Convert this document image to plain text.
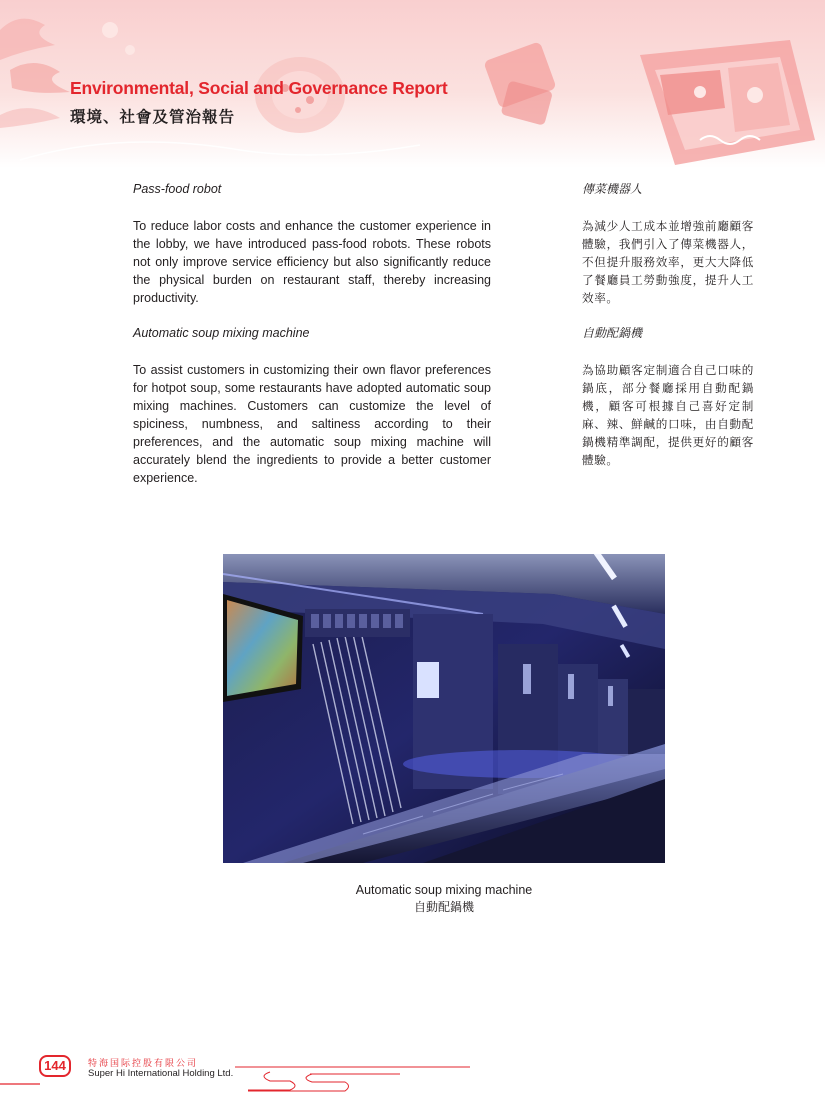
Environmental, Social and Governance Report
環境、社會及管治報告

Pass-food robot

To reduce labor costs and enhance the customer experience in the lobby, we have introduced pass-food robots. These robots not only improve service efficiency but also significantly reduce the physical burden on restaurant staff, thereby increasing productivity.

傳菜機器人

為減少人工成本並增強前廳顧客體驗，我們引入了傳菜機器人，不但提升服務效率，更大大降低了餐廳員工勞動強度，提升人工效率。

Automatic soup mixing machine

To assist customers in customizing their own flavor preferences for hotpot soup, some restaurants have adopted automatic soup mixing machines. Customers can customize the level of spiciness, numbness, and saltiness according to their preferences, and the automatic soup mixing machine will accurately blend the ingredients to provide a better customer experience.

自動配鍋機

為協助顧客定制適合自己口味的鍋底，部分餐廳採用自動配鍋機，顧客可根據自己喜好定制麻、辣、鮮鹹的口味，由自動配鍋機精準調配，提供更好的顧客體驗。

Automatic soup mixing machine
自動配鍋機
144	特海国际控股有限公司
Super Hi International Holding Ltd.
